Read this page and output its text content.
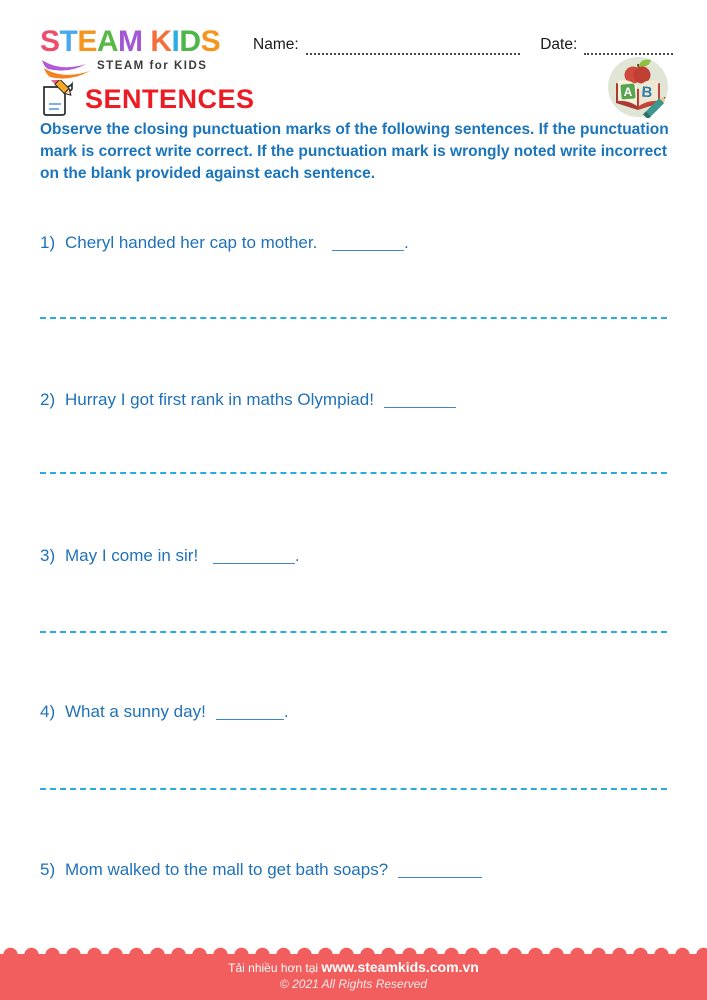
STEAM KIDS
STEAM for KIDS
Name:	Date:
A B
SENTENCES
Observe the closing punctuation marks of the following sentences. If the punctuation mark is correct write correct. If the punctuation mark is wrongly noted write incorrect on the blank provided against each sentence.
1) Cheryl handed her cap to mother.	.
2) Hurray I got first rank in maths Olympiad!
3) May I come in sir!	.
4) What a sunny day!	.
5) Mom walked to the mall to get bath soaps?
Tải nhiều hơn tại www.steamkids.com.vn
© 2021 All Rights Reserved
